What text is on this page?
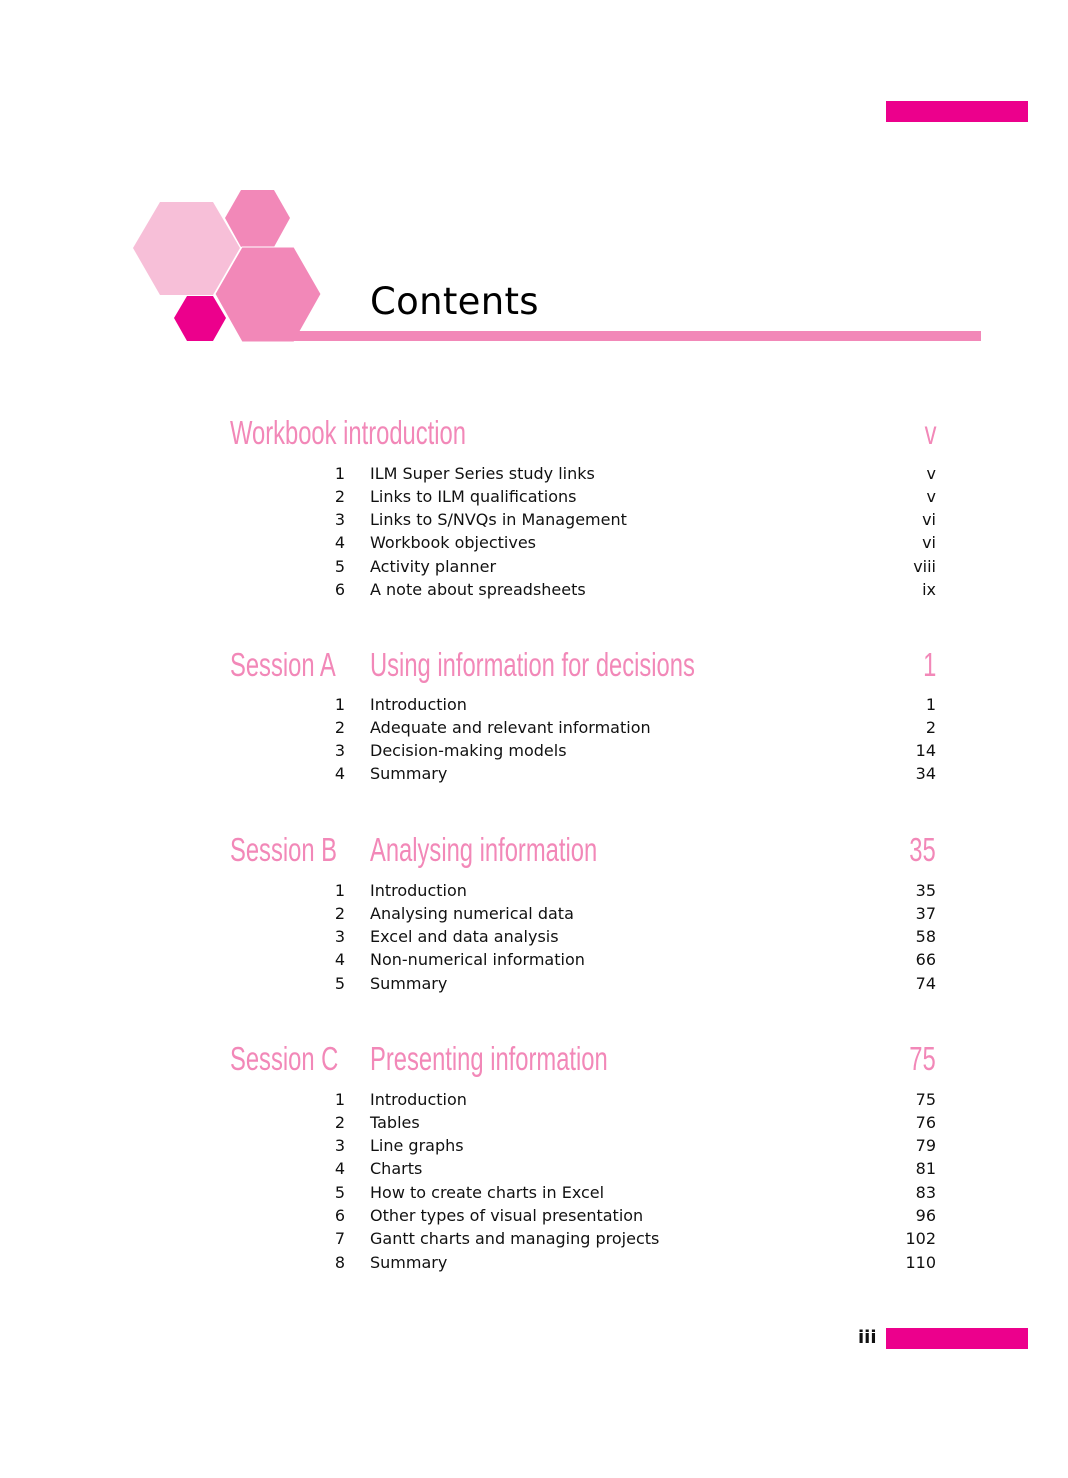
Contents
Workbook introduction	v
1	ILM Super Series study links	v
2	Links to ILM qualifications	v
3	Links to S/NVQs in Management	vi
4	Workbook objectives	vi
5	Activity planner	viii
6	A note about spreadsheets	ix
Session A Using information for decisions	1
1	Introduction	1
2	Adequate and relevant information	2
3	Decision-making models	14
4	Summary	34
Session B Analysing information	35
1	Introduction	35
2	Analysing numerical data	37
3	Excel and data analysis	58
4	Non-numerical information	66
5	Summary	74
Session C Presenting information	75
1	Introduction	75
2	Tables	76
3	Line graphs	79
4	Charts	81
5	How to create charts in Excel	83
6	Other types of visual presentation	96
7	Gantt charts and managing projects	102
8	Summary	110
iii
